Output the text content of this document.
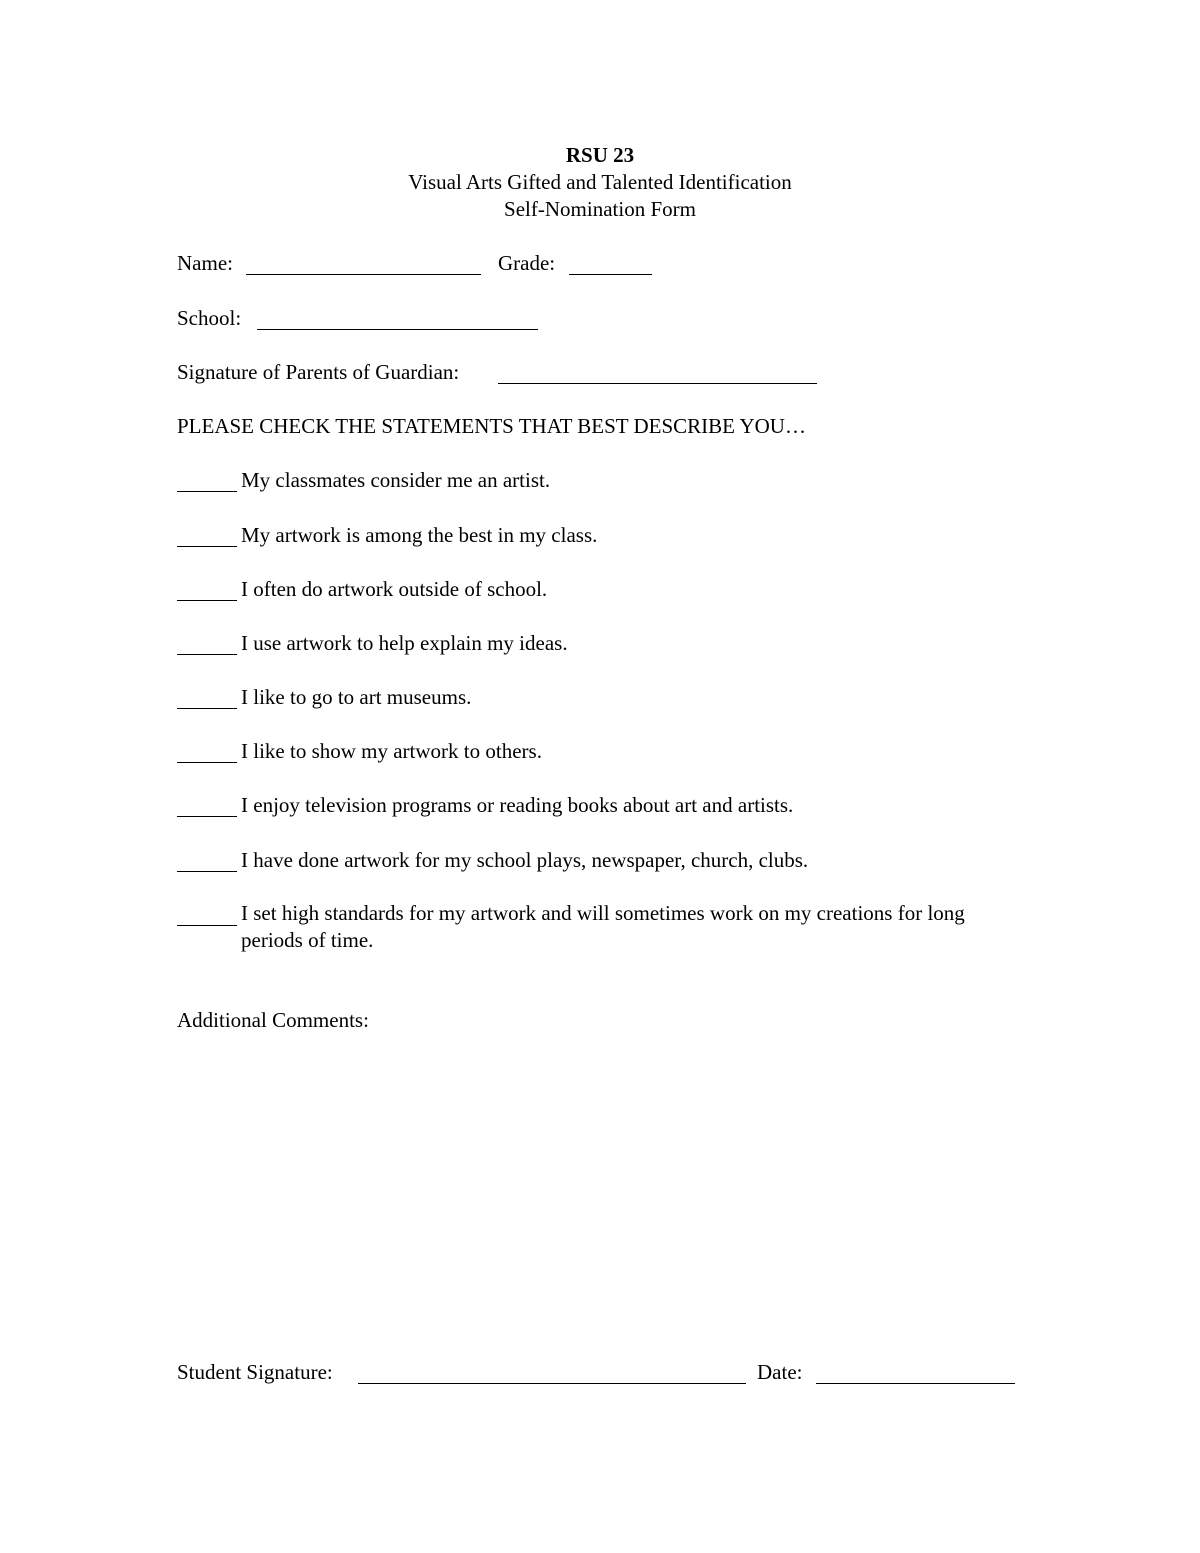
RSU 23
Visual Arts Gifted and Talented Identification
Self-Nomination Form
Name:	Grade:
School:
Signature of Parents of Guardian:
PLEASE CHECK THE STATEMENTS THAT BEST DESCRIBE YOU…
My classmates consider me an artist.
My artwork is among the best in my class.
I often do artwork outside of school.
I use artwork to help explain my ideas.
I like to go to art museums.
I like to show my artwork to others.
I enjoy television programs or reading books about art and artists.
I have done artwork for my school plays, newspaper, church, clubs.
I set high standards for my artwork and will sometimes work on my creations for long periods of time.
Additional Comments:
Student Signature:	Date:
